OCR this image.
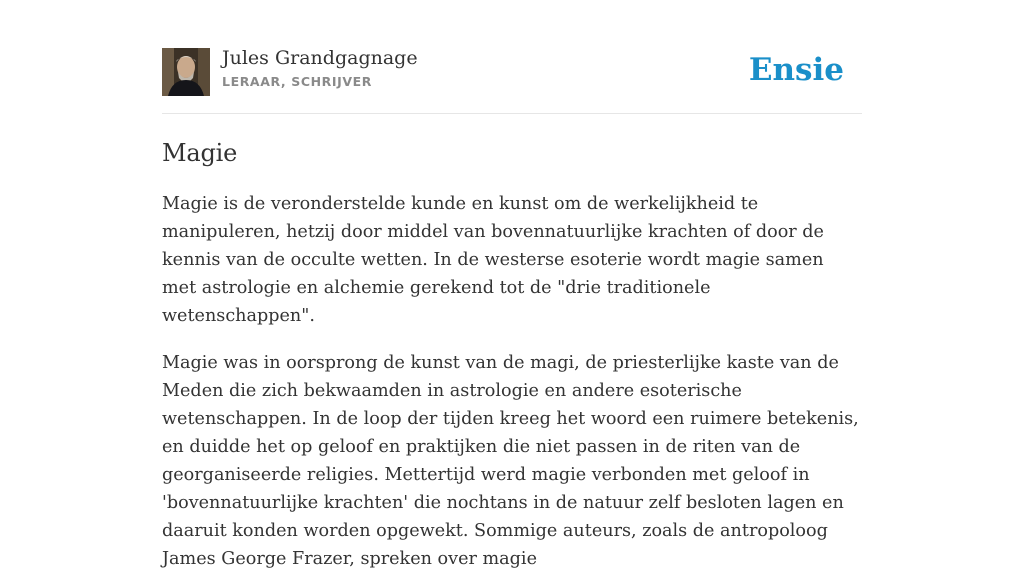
Jules Grandgagnage
LERAAR, SCHRIJVER	Ensie
Magie

Magie is de veronderstelde kunde en kunst om de werkelijkheid te manipuleren, hetzij door middel van bovennatuurlijke krachten of door de kennis van de occulte wetten. In de westerse esoterie wordt magie samen met astrologie en alchemie gerekend tot de "drie traditionele wetenschappen".

Magie was in oorsprong de kunst van de magi, de priesterlijke kaste van de Meden die zich bekwaamden in astrologie en andere esoterische wetenschappen. In de loop der tijden kreeg het woord een ruimere betekenis, en duidde het op geloof en praktijken die niet passen in de riten van de georganiseerde religies. Mettertijd werd magie verbonden met geloof in 'bovennatuurlijke krachten' die nochtans in de natuur zelf besloten lagen en daaruit konden worden opgewekt. Sommige auteurs, zoals de antropoloog James George Frazer, spreken over magie
